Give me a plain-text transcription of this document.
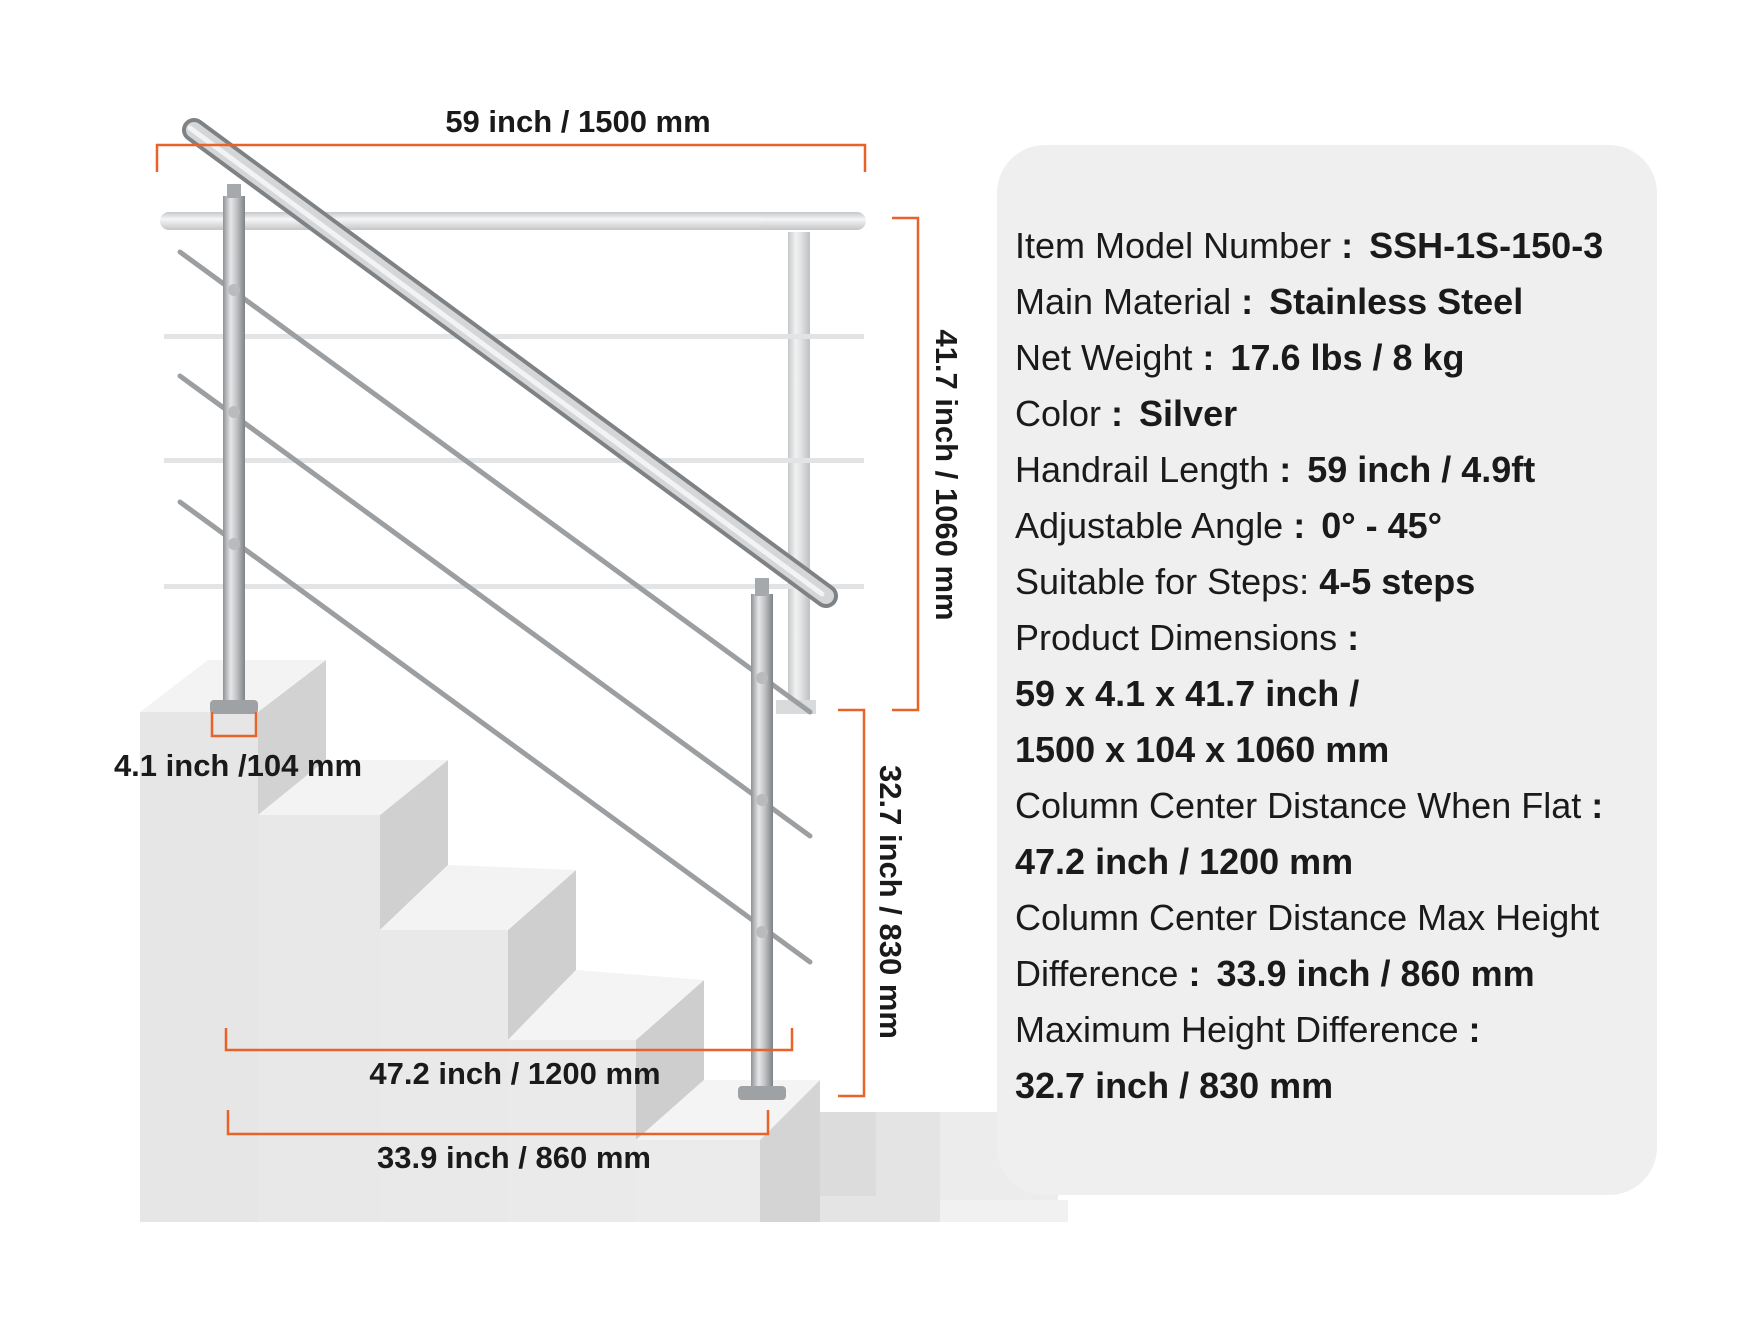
59 inch / 1500 mm
41.7 inch / 1060 mm
32.7 inch / 830 mm
4.1 inch /104 mm
47.2 inch / 1200 mm
33.9 inch / 860 mm
Item Model Number : SSH-1S-150-3
Main Material : Stainless Steel
Net Weight : 17.6 lbs / 8 kg
Color : Silver
Handrail Length : 59 inch / 4.9ft
Adjustable Angle : 0° - 45°
Suitable for Steps: 4-5 steps
Product Dimensions :
59 x 4.1 x 41.7 inch /
1500 x 104 x 1060 mm
Column Center Distance When Flat :
47.2 inch / 1200 mm
Column Center Distance Max Height
Difference : 33.9 inch / 860 mm
Maximum Height Difference :
32.7 inch / 830 mm
